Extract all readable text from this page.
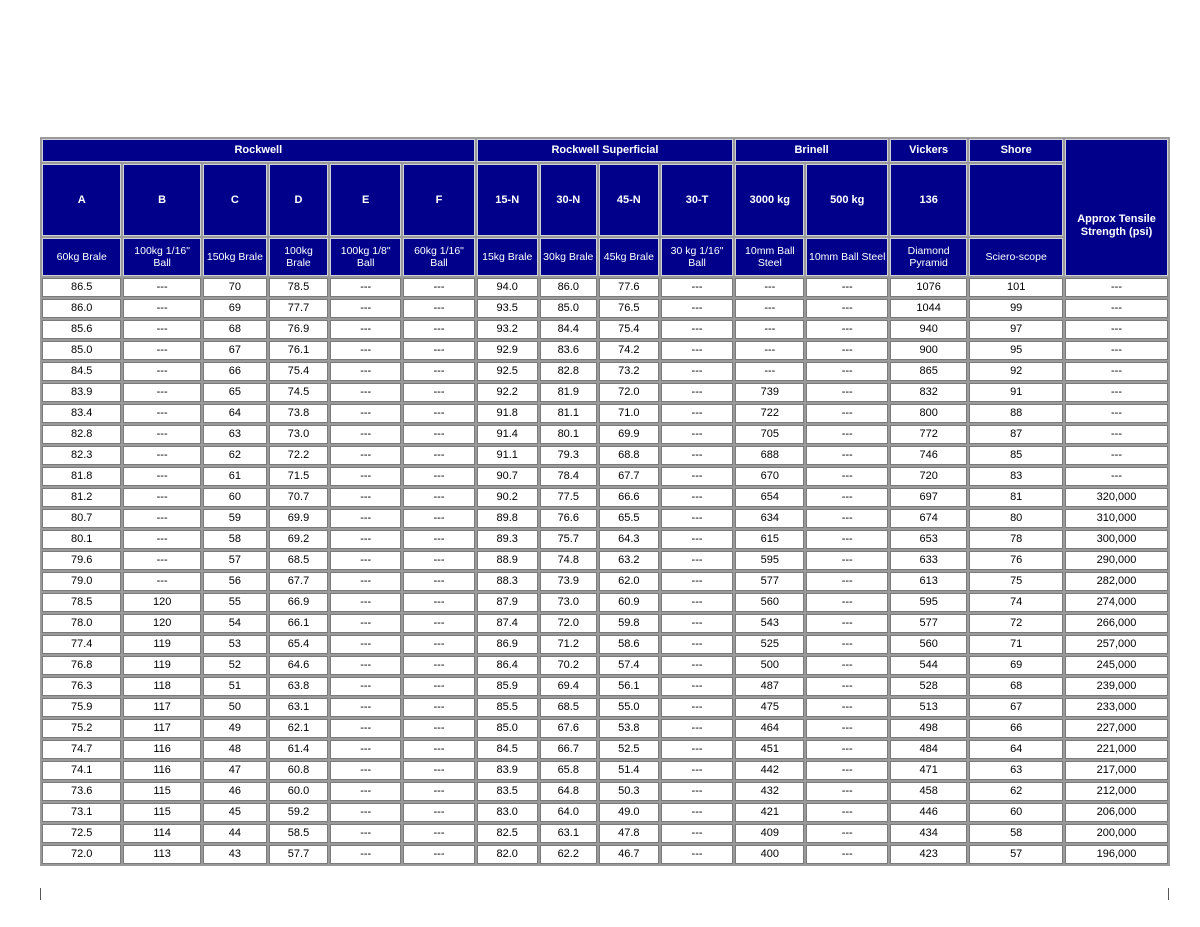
Rockwell						Rockwell Superficial				Brinell		Vickers	Shore	Approx Tensile Strength (psi)
A	B	C	D	E	F	15-N	30-N	45-N	30-T	3000 kg	500 kg	136		
60kg Brale	100kg 1/16" Ball	150kg Brale	100kg Brale	100kg 1/8" Ball	60kg 1/16" Ball	15kg Brale	30kg Brale	45kg Brale	30 kg 1/16" Ball	10mm Ball Steel	10mm Ball Steel	Diamond Pyramid	Sciero-scope	
86.5	---	70	78.5	---	---	94.0	86.0	77.6	---	---	---	1076	101	---
86.0	---	69	77.7	---	---	93.5	85.0	76.5	---	---	---	1044	99	---
85.6	---	68	76.9	---	---	93.2	84.4	75.4	---	---	---	940	97	---
85.0	---	67	76.1	---	---	92.9	83.6	74.2	---	---	---	900	95	---
84.5	---	66	75.4	---	---	92.5	82.8	73.2	---	---	---	865	92	---
83.9	---	65	74.5	---	---	92.2	81.9	72.0	---	739	---	832	91	---
83.4	---	64	73.8	---	---	91.8	81.1	71.0	---	722	---	800	88	---
82.8	---	63	73.0	---	---	91.4	80.1	69.9	---	705	---	772	87	---
82.3	---	62	72.2	---	---	91.1	79.3	68.8	---	688	---	746	85	---
81.8	---	61	71.5	---	---	90.7	78.4	67.7	---	670	---	720	83	---
81.2	---	60	70.7	---	---	90.2	77.5	66.6	---	654	---	697	81	320,000
80.7	---	59	69.9	---	---	89.8	76.6	65.5	---	634	---	674	80	310,000
80.1	---	58	69.2	---	---	89.3	75.7	64.3	---	615	---	653	78	300,000
79.6	---	57	68.5	---	---	88.9	74.8	63.2	---	595	---	633	76	290,000
79.0	---	56	67.7	---	---	88.3	73.9	62.0	---	577	---	613	75	282,000
78.5	120	55	66.9	---	---	87.9	73.0	60.9	---	560	---	595	74	274,000
78.0	120	54	66.1	---	---	87.4	72.0	59.8	---	543	---	577	72	266,000
77.4	119	53	65.4	---	---	86.9	71.2	58.6	---	525	---	560	71	257,000
76.8	119	52	64.6	---	---	86.4	70.2	57.4	---	500	---	544	69	245,000
76.3	118	51	63.8	---	---	85.9	69.4	56.1	---	487	---	528	68	239,000
75.9	117	50	63.1	---	---	85.5	68.5	55.0	---	475	---	513	67	233,000
75.2	117	49	62.1	---	---	85.0	67.6	53.8	---	464	---	498	66	227,000
74.7	116	48	61.4	---	---	84.5	66.7	52.5	---	451	---	484	64	221,000
74.1	116	47	60.8	---	---	83.9	65.8	51.4	---	442	---	471	63	217,000
73.6	115	46	60.0	---	---	83.5	64.8	50.3	---	432	---	458	62	212,000
73.1	115	45	59.2	---	---	83.0	64.0	49.0	---	421	---	446	60	206,000
72.5	114	44	58.5	---	---	82.5	63.1	47.8	---	409	---	434	58	200,000
72.0	113	43	57.7	---	---	82.0	62.2	46.7	---	400	---	423	57	196,000
